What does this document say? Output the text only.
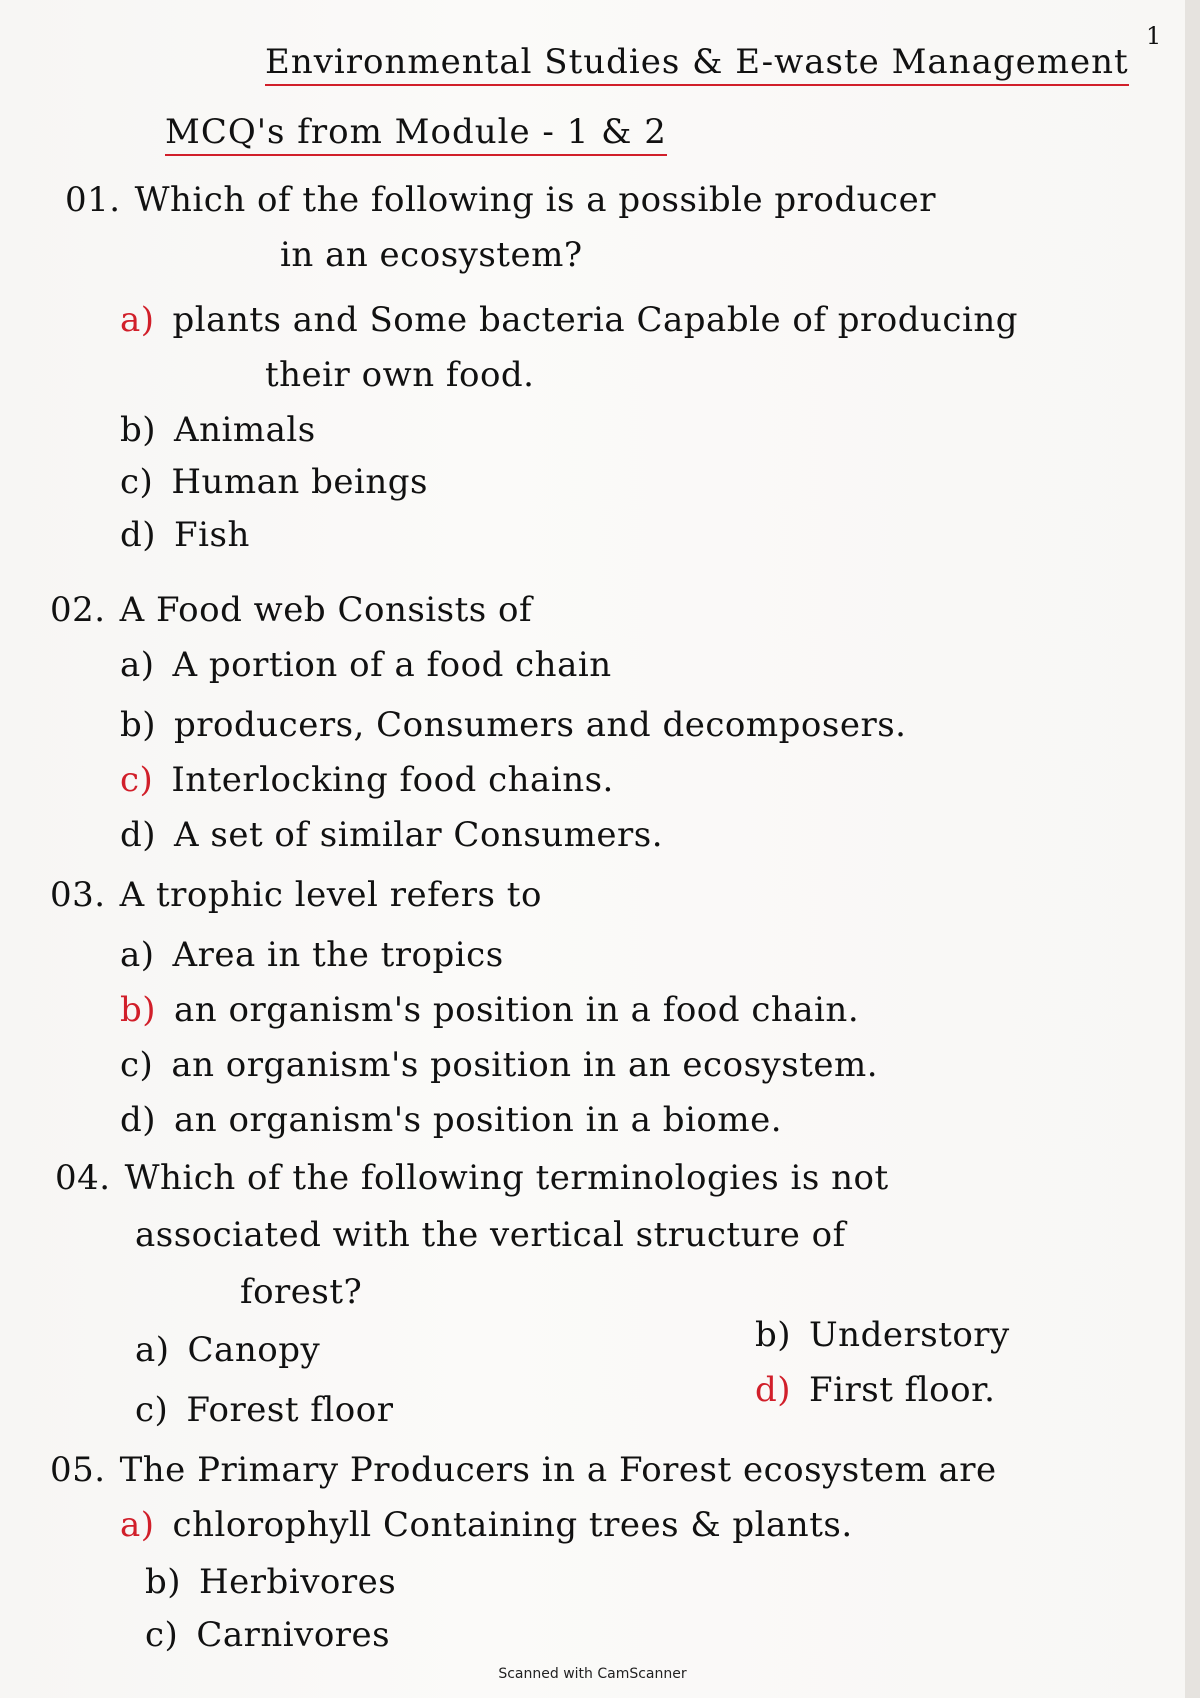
1
Environmental Studies & E-waste Management
MCQ's from Module - 1 & 2
01. Which of the following is a possible producer
in an ecosystem?
a) plants and Some bacteria Capable of producing
their own food.
b) Animals
c) Human beings
d) Fish
02. A Food web Consists of
a) A portion of a food chain
b) producers, Consumers and decomposers.
c) Interlocking food chains.
d) A set of similar Consumers.
03. A trophic level refers to
a) Area in the tropics
b) an organism's position in a food chain.
c) an organism's position in an ecosystem.
d) an organism's position in a biome.
04. Which of the following terminologies is not
associated with the vertical structure of
forest?
a) Canopy	b) Understory
c) Forest floor	d) First floor.
05. The Primary Producers in a Forest ecosystem are
a) chlorophyll Containing trees & plants.
b) Herbivores
c) Carnivores
Scanned with CamScanner
